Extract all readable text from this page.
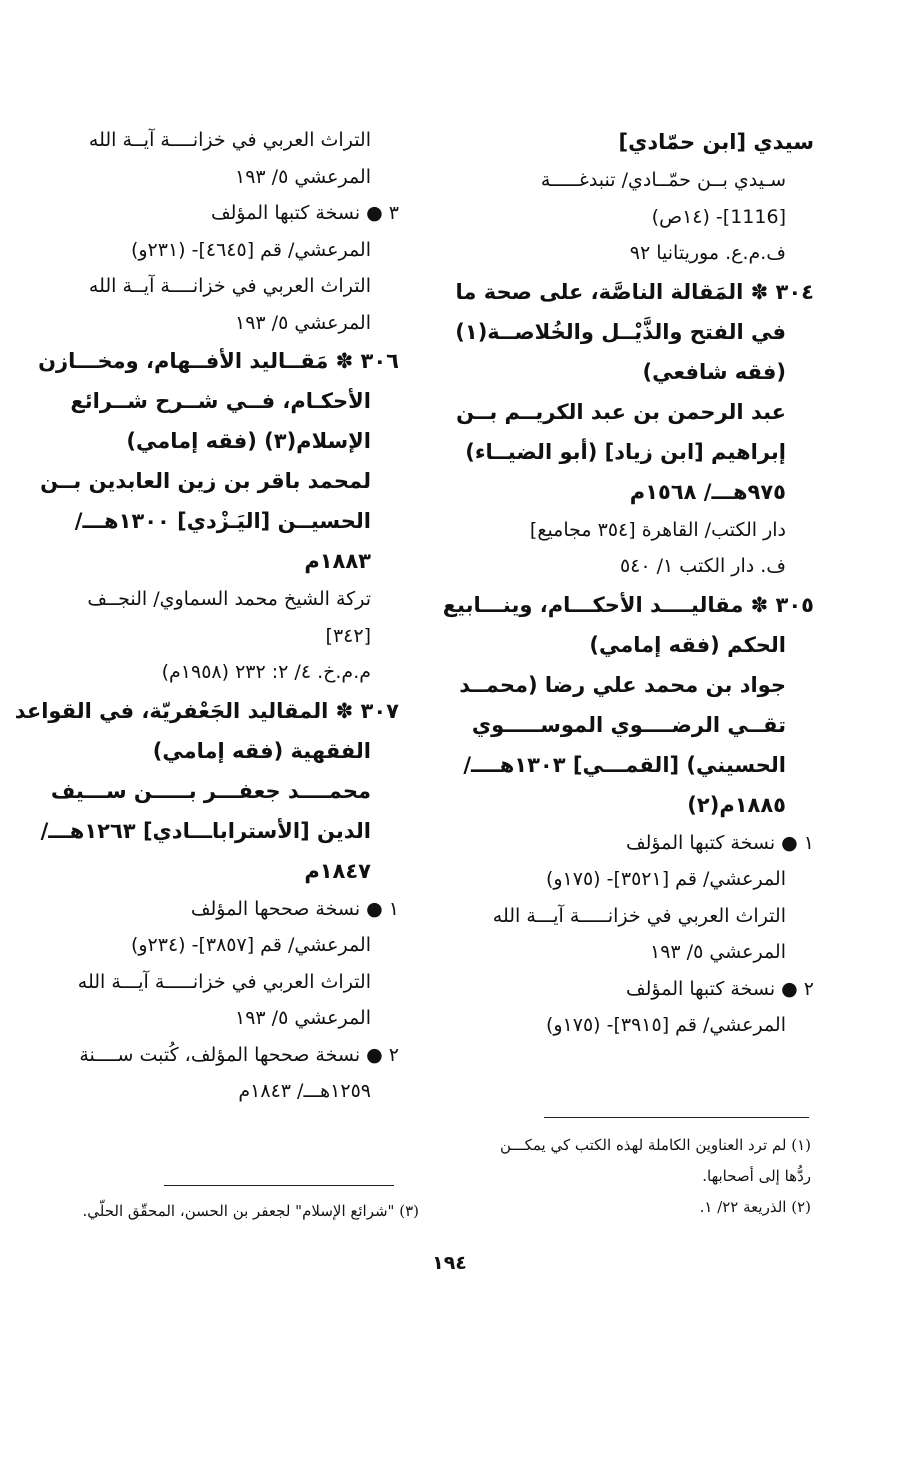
سيدي [ابن حمّادي]
سـيدي بــن حمّــادي/ تنبدغـــــة
[1116]- (١٤ص)
ف.م.ع. موريتانيا ٩٢
٣٠٤ ✽ المَقالة الناصَّة، على صحة ما
في الفتح والذَّيْــل والخُلاصــة(١)
(فقه شافعي)
عبد الرحمن بن عبد الكريــم بــن
إبراهيم [ابن زياد] (أبو الضيــاء)
٩٧٥هـــ/ ١٥٦٨م
دار الكتب/ القاهرة [٣٥٤ مجاميع]
ف. دار الكتب ١/ ٥٤٠
٣٠٥ ✽ مقاليــــد الأحكـــام، وينـــابيع
الحكم (فقه إمامي)
جواد بن محمد علي رضا (محمــد
تقــي الرضــــوي الموســـــوي
الحسيني) [القمـــي] ١٣٠٣هــــ/
١٨٨٥م(٢)
١ ● نسخة كتبها المؤلف
المرعشي/ قم [٣٥٢١]- (١٧٥و)
التراث العربي في خزانـــــة آيـــة الله
المرعشي ٥/ ١٩٣
٢ ● نسخة كتبها المؤلف
المرعشي/ قم [٣٩١٥]- (١٧٥و)
التراث العربي في خزانــــة آيــة الله
المرعشي ٥/ ١٩٣
٣ ● نسخة كتبها المؤلف
المرعشي/ قم [٤٦٤٥]- (٢٣١و)
التراث العربي في خزانــــة آيــة الله
المرعشي ٥/ ١٩٣
٣٠٦ ✽ مَقــاليد الأفــهام، ومخـــازن
الأحكـام، فــي شــرح شــرائع
الإسلام(٣) (فقه إمامي)
لمحمد باقر بن زين العابدين بــن
الحسيــن [اليَـزْدي] ١٣٠٠هـــ/
١٨٨٣م
تركة الشيخ محمد السماوي/ النجــف
[٣٤٢]
م.م.خ. ٤/ ٢: ٢٣٢ (١٩٥٨م)
٣٠٧ ✽ المقاليد الجَعْفريّة، في القواعد
الفقهية (فقه إمامي)
محمــــد جعفـــر بـــــن ســـيف
الدين [الأستراباـــادي] ١٢٦٣هـــ/
١٨٤٧م
١ ● نسخة صححها المؤلف
المرعشي/ قم [٣٨٥٧]- (٢٣٤و)
التراث العربي في خزانـــــة آيـــة الله
المرعشي ٥/ ١٩٣
٢ ● نسخة صححها المؤلف، كُتبت ســــنة
١٢٥٩هـــ/ ١٨٤٣م
(١) لم ترد العناوين الكاملة لهذه الكتب كي يمكـــن
ردُّها إلى أصحابها.
(٢) الذريعة ٢٢/ ١.
(٣) "شرائع الإسلام" لجعفر بن الحسن، المحقّق الحلّي.
١٩٤
